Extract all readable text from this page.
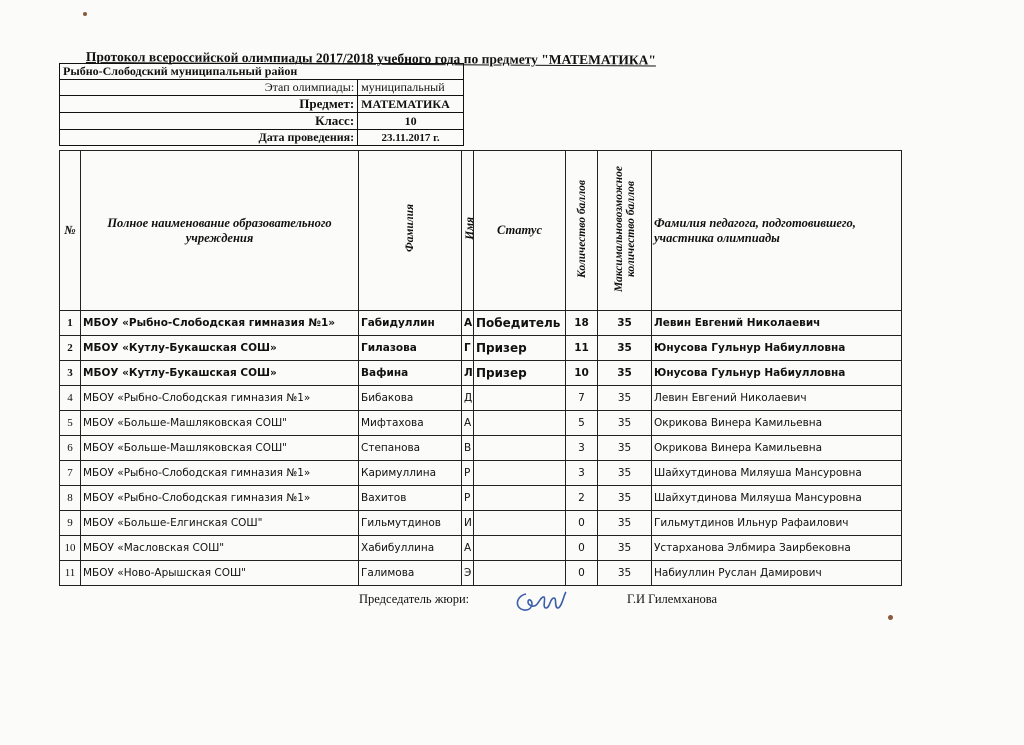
Протокол всероссийской олимпиады 2017/2018 учебного года по предмету "МАТЕМАТИКА"
Рыбно-Слободский муниципальный район		
Этап олимпиады:	муниципальный	
Предмет:	МАТЕМАТИКА	
Класс:	10	
Дата проведения:	23.11.2017 г.	
№	Полное наименование образовательного учреждения	Фамилия	Имя	Статус	Количество баллов	Максимальновозможное количество баллов	Фамилия педагога, подготовившего, участника олимпиады
1	МБОУ «Рыбно-Слободская гимназия №1»	Габидуллин	А	Победитель	18	35	Левин Евгений Николаевич
2	МБОУ «Кутлу-Букашская СОШ»	Гилазова	Г	Призер	11	35	Юнусова Гульнур Набиулловна
3	МБОУ «Кутлу-Букашская СОШ»	Вафина	Л	Призер	10	35	Юнусова Гульнур Набиулловна
4	МБОУ «Рыбно-Слободская гимназия №1»	Бибакова	Д		7	35	Левин Евгений Николаевич
5	МБОУ «Больше-Машляковская СОШ"	Мифтахова	А		5	35	Окрикова Винера Камильевна
6	МБОУ «Больше-Машляковская СОШ"	Степанова	В		3	35	Окрикова Винера Камильевна
7	МБОУ «Рыбно-Слободская гимназия №1»	Каримуллина	Р		3	35	Шайхутдинова Миляуша Мансуровна
8	МБОУ «Рыбно-Слободская гимназия №1»	Вахитов	Р		2	35	Шайхутдинова Миляуша Мансуровна
9	МБОУ «Больше-Елгинская СОШ"	Гильмутдинов	И		0	35	Гильмутдинов Ильнур Рафаилович
10	МБОУ «Масловская СОШ"	Хабибуллина	А		0	35	Устарханова Элбмира Заирбековна
11	МБОУ «Ново-Арышская СОШ"	Галимова	Э		0	35	Набиуллин Руслан Дамирович
Председатель жюри:	Г.И Гилемханова
